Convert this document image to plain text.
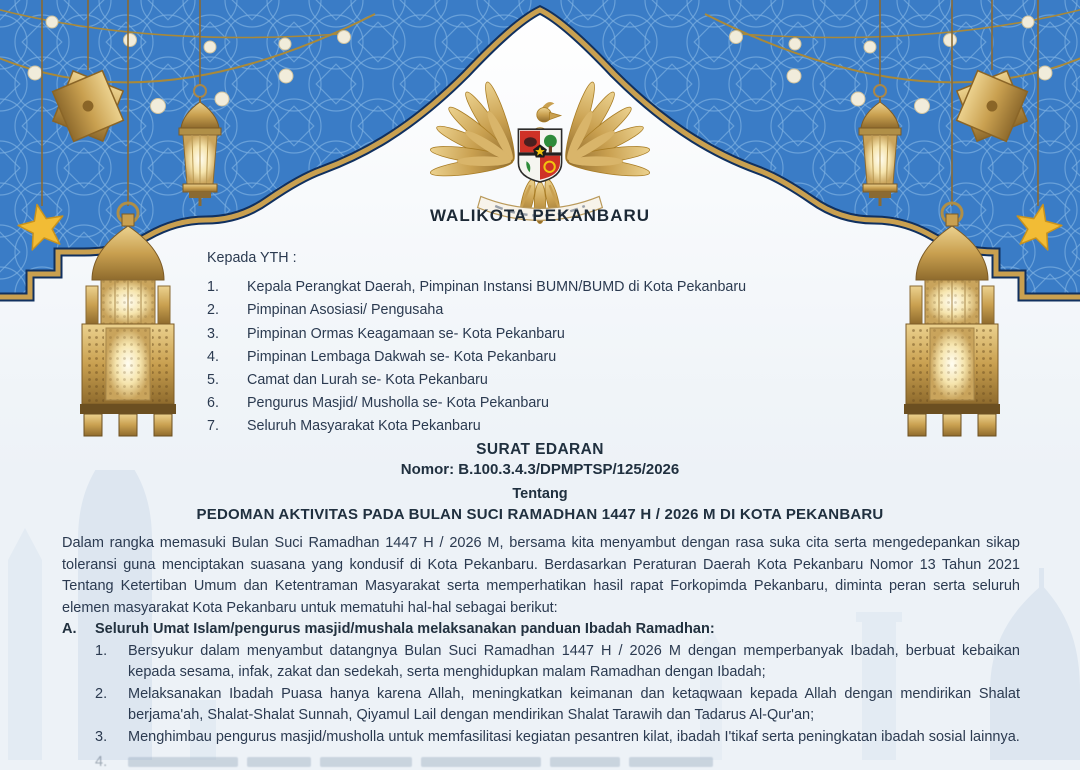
WALIKOTA PEKANBARU
Kepada YTH :
1.	Kepala Perangkat Daerah, Pimpinan Instansi BUMN/BUMD di Kota Pekanbaru
2.	Pimpinan Asosiasi/ Pengusaha
3.	Pimpinan Ormas Keagamaan se- Kota Pekanbaru
4.	Pimpinan Lembaga Dakwah se- Kota Pekanbaru
5.	Camat dan Lurah se- Kota Pekanbaru
6.	Pengurus Masjid/ Musholla se- Kota Pekanbaru
7.	Seluruh Masyarakat Kota Pekanbaru
SURAT EDARAN
Nomor: B.100.3.4.3/DPMPTSP/125/2026
Tentang
PEDOMAN AKTIVITAS PADA BULAN SUCI RAMADHAN 1447 H / 2026 M DI KOTA PEKANBARU

Dalam rangka memasuki Bulan Suci Ramadhan 1447 H / 2026 M, bersama kita menyambut dengan rasa suka cita serta mengedepankan sikap toleransi guna menciptakan suasana yang kondusif di Kota Pekanbaru. Berdasarkan Peraturan Daerah Kota Pekanbaru Nomor 13 Tahun 2021 Tentang Ketertiban Umum dan Ketentraman Masyarakat serta memperhatikan hasil rapat Forkopimda Pekanbaru, diminta peran serta seluruh elemen masyarakat Kota Pekanbaru untuk mematuhi hal-hal sebagai berikut:

A.	Seluruh Umat Islam/pengurus masjid/mushala melaksanakan panduan Ibadah Ramadhan:
1.	Bersyukur dalam menyambut datangnya Bulan Suci Ramadhan 1447 H / 2026 M dengan memperbanyak Ibadah, berbuat kebaikan kepada sesama, infak, zakat dan sedekah, serta menghidupkan malam Ramadhan dengan Ibadah;
2.	Melaksanakan Ibadah Puasa hanya karena Allah, meningkatkan keimanan dan ketaqwaan kepada Allah dengan mendirikan Shalat berjama'ah, Shalat-Shalat Sunnah, Qiyamul Lail dengan mendirikan Shalat Tarawih dan Tadarus Al-Qur'an;
3.	Menghimbau pengurus masjid/musholla untuk memfasilitasi kegiatan pesantren kilat, ibadah I'tikaf serta peningkatan ibadah sosial lainnya.
4.
